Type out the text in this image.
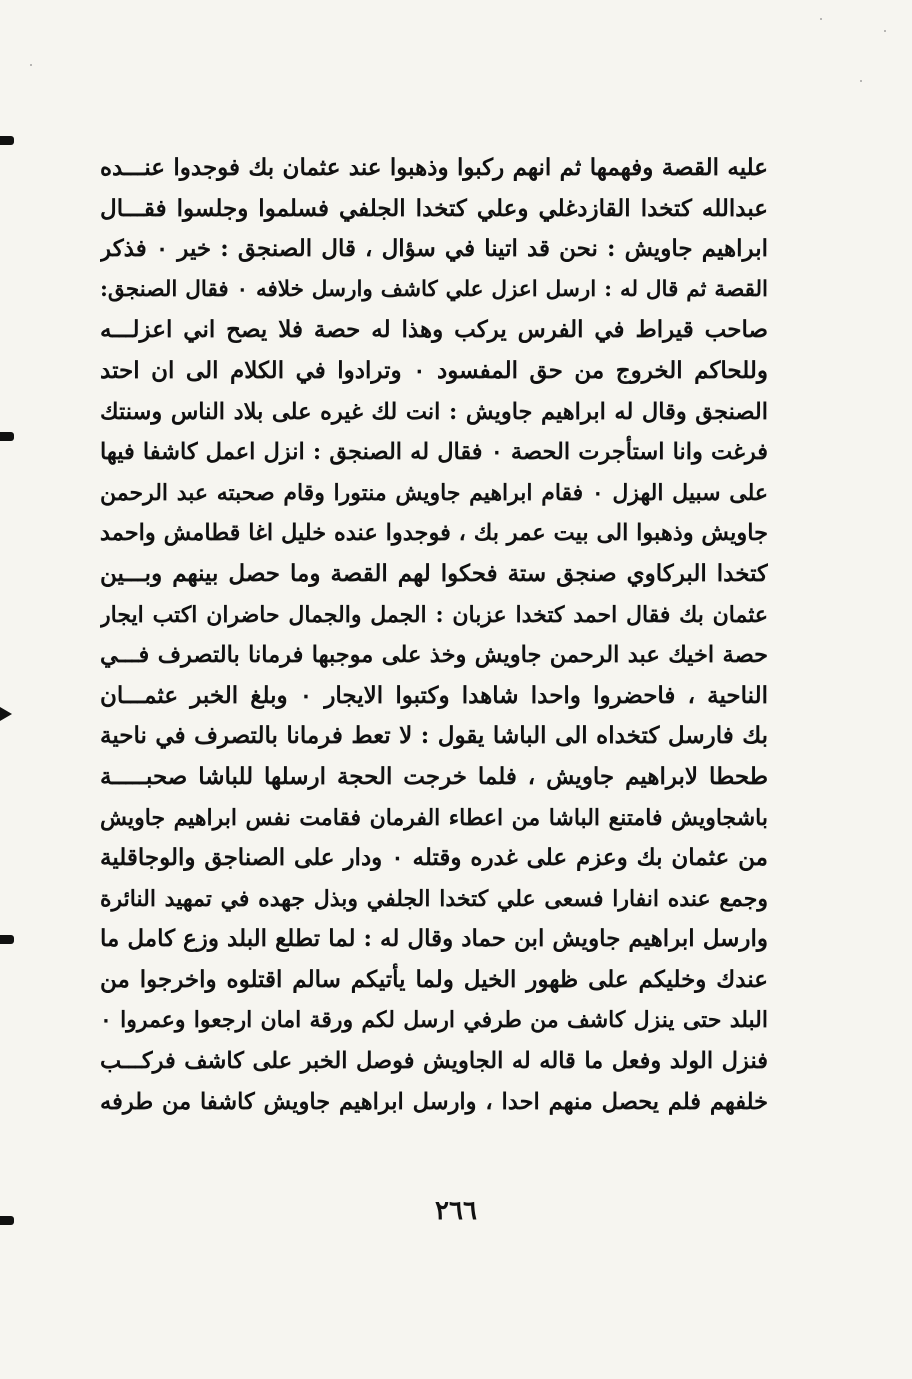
عليه القصة وفهمها ثم انهم ركبوا وذهبوا عند عثمان بك فوجدوا عنـــده
عبدالله كتخدا القازدغلي وعلي كتخدا الجلفي فسلموا وجلسوا فقـــال
ابراهيم جاويش : نحن قد اتينا في سؤال ، قال الصنجق : خير ٠ فذكر
القصة ثم قال له : ارسل اعزل علي كاشف وارسل خلافه ٠ فقال الصنجق:
صاحب قيراط في الفرس يركب وهذا له حصة فلا يصح اني اعزلـــه
وللحاكم الخروج من حق المفسود ٠ وترادوا في الكلام الى ان احتد
الصنجق وقال له ابراهيم جاويش : انت لك غيره على بلاد الناس وسنتك
فرغت وانا استأجرت الحصة ٠ فقال له الصنجق : انزل اعمل كاشفا فيها
على سبيل الهزل ٠ فقام ابراهيم جاويش منتورا وقام صحبته عبد الرحمن
جاويش وذهبوا الى بيت عمر بك ، فوجدوا عنده خليل اغا قطامش واحمد
كتخدا البركاوي صنجق ستة فحكوا لهم القصة وما حصل بينهم وبـــين
عثمان بك فقال احمد كتخدا عزبان : الجمل والجمال حاضران اكتب ايجار
حصة اخيك عبد الرحمن جاويش وخذ على موجبها فرمانا بالتصرف فـــي
الناحية ، فاحضروا واحدا شاهدا وكتبوا الايجار ٠ وبلغ الخبر عثمـــان
بك فارسل كتخداه الى الباشا يقول : لا تعط فرمانا بالتصرف في ناحية
طحطا لابراهيم جاويش ، فلما خرجت الحجة ارسلها للباشا صحبـــــة
باشجاويش فامتنع الباشا من اعطاء الفرمان فقامت نفس ابراهيم جاويش
من عثمان بك وعزم على غدره وقتله ٠ ودار على الصناجق والوجاقلية
وجمع عنده انفارا فسعى علي كتخدا الجلفي وبذل جهده في تمهيد النائرة
وارسل ابراهيم جاويش ابن حماد وقال له : لما تطلع البلد وزع كامل ما
عندك وخليكم على ظهور الخيل ولما يأتيكم سالم اقتلوه واخرجوا من
البلد حتى ينزل كاشف من طرفي ارسل لكم ورقة امان ارجعوا وعمروا ٠
فنزل الولد وفعل ما قاله له الجاويش فوصل الخبر على كاشف فركـــب
خلفهم فلم يحصل منهم احدا ، وارسل ابراهيم جاويش كاشفا من طرفه
٢٦٦
